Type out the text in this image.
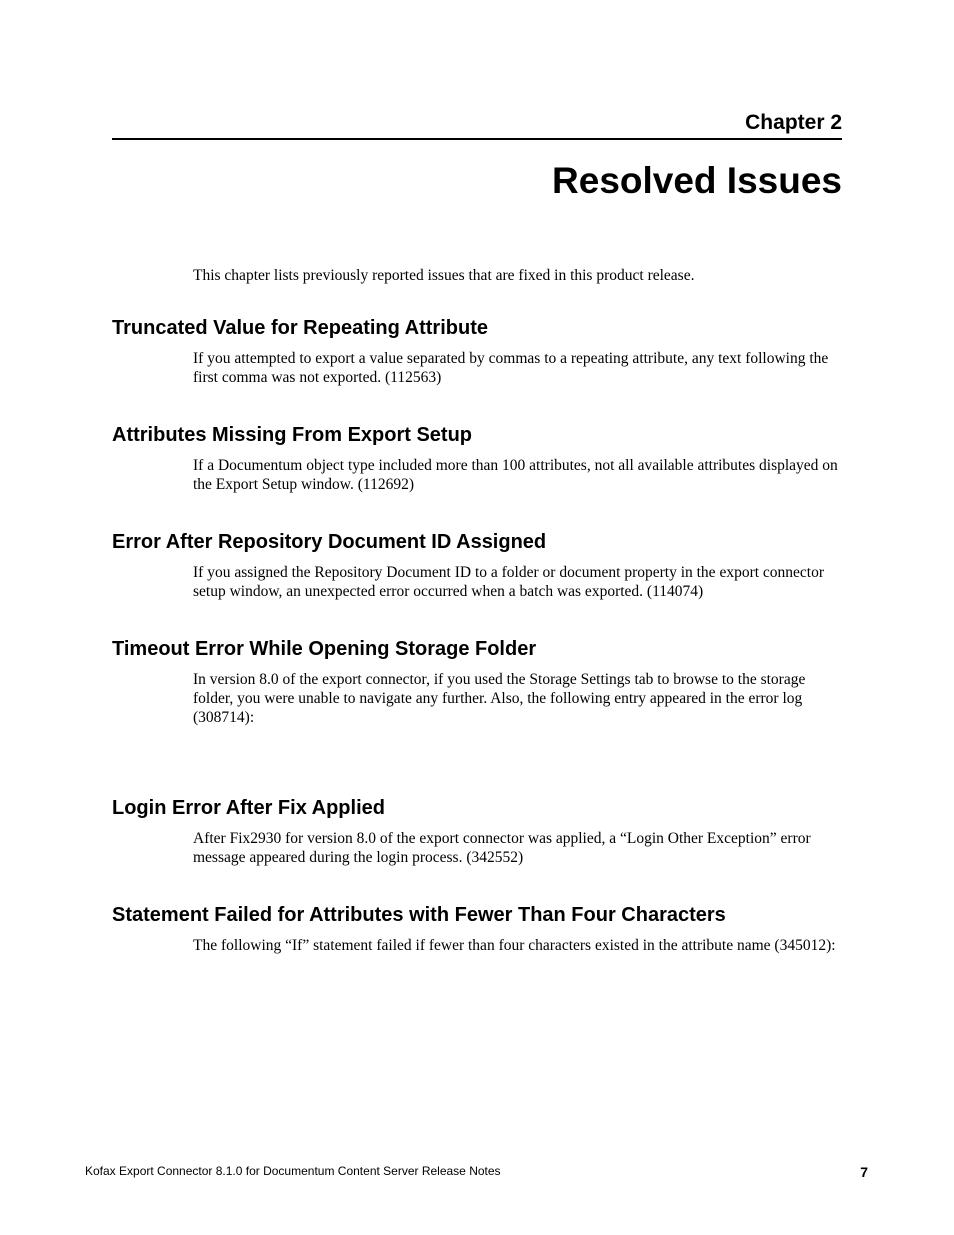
Chapter 2
Resolved Issues

This chapter lists previously reported issues that are fixed in this product release.

Truncated Value for Repeating Attribute

If you attempted to export a value separated by commas to a repeating attribute, any text following the first comma was not exported. (112563)

Attributes Missing From Export Setup

If a Documentum object type included more than 100 attributes, not all available attributes displayed on the Export Setup window. (112692)

Error After Repository Document ID Assigned

If you assigned the Repository Document ID to a folder or document property in the export connector setup window, an unexpected error occurred when a batch was exported. (114074)

Timeout Error While Opening Storage Folder

In version 8.0 of the export connector, if you used the Storage Settings tab to browse to the storage folder, you were unable to navigate any further. Also, the following entry appeared in the error log (308714):

Login Error After Fix Applied

After Fix2930 for version 8.0 of the export connector was applied, a “Login Other Exception” error message appeared during the login process. (342552)

Statement Failed for Attributes with Fewer Than Four Characters

The following “If” statement failed if fewer than four characters existed in the attribute name (345012):

Kofax Export Connector 8.1.0 for Documentum Content Server Release Notes	7
